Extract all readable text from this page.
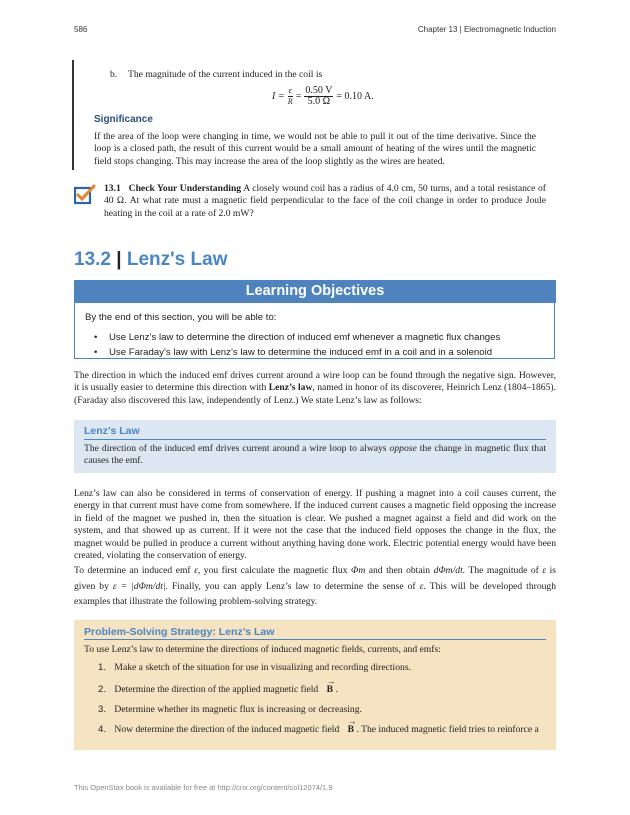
586	Chapter 13 | Electromagnetic Induction
b. The magnitude of the current induced in the coil is
$I = \frac{\varepsilon}{R} = \frac{0.50 V}{5.0 \Omega} = 0.10$ A.
Significance
If the area of the loop were changing in time, we would not be able to pull it out of the time derivative. Since the loop is a closed path, the result of this current would be a small amount of heating of the wires until the magnetic field stops changing. This may increase the area of the loop slightly as the wires are heated.
13.1 Check Your Understanding A closely wound coil has a radius of 4.0 cm, 50 turns, and a total resistance of 40 Ω. At what rate must a magnetic field perpendicular to the face of the coil change in order to produce Joule heating in the coil at a rate of 2.0 mW?
13.2 | Lenz's Law
Learning Objectives
By the end of this section, you will be able to:
• Use Lenz’s law to determine the direction of induced emf whenever a magnetic flux changes
• Use Faraday’s law with Lenz’s law to determine the induced emf in a coil and in a solenoid
The direction in which the induced emf drives current around a wire loop can be found through the negative sign. However, it is usually easier to determine this direction with Lenz’s law, named in honor of its discoverer, Heinrich Lenz (1804–1865). (Faraday also discovered this law, independently of Lenz.) We state Lenz’s law as follows:
Lenz’s Law
The direction of the induced emf drives current around a wire loop to always oppose the change in magnetic flux that causes the emf.
Lenz’s law can also be considered in terms of conservation of energy. If pushing a magnet into a coil causes current, the energy in that current must have come from somewhere. If the induced current causes a magnetic field opposing the increase in field of the magnet we pushed in, then the situation is clear. We pushed a magnet against a field and did work on the system, and that showed up as current. If it were not the case that the induced field opposes the change in the flux, the magnet would be pulled in produce a current without anything having done work. Electric potential energy would have been created, violating the conservation of energy.
To determine an induced emf ε, you first calculate the magnetic flux Φm and then obtain dΦm/dt. The magnitude of ε is given by ε = |dΦm/dt|. Finally, you can apply Lenz’s law to determine the sense of ε. This will be developed through examples that illustrate the following problem-solving strategy.
Problem-Solving Strategy: Lenz’s Law
To use Lenz’s law to determine the directions of induced magnetic fields, currents, and emfs:
1. Make a sketch of the situation for use in visualizing and recording directions.
2. Determine the direction of the applied magnetic field → B .
3. Determine whether its magnetic flux is increasing or decreasing.
4. Now determine the direction of the induced magnetic field → B . The induced magnetic field tries to reinforce a
This OpenStax book is available for free at http://cnx.org/content/col12074/1.9
